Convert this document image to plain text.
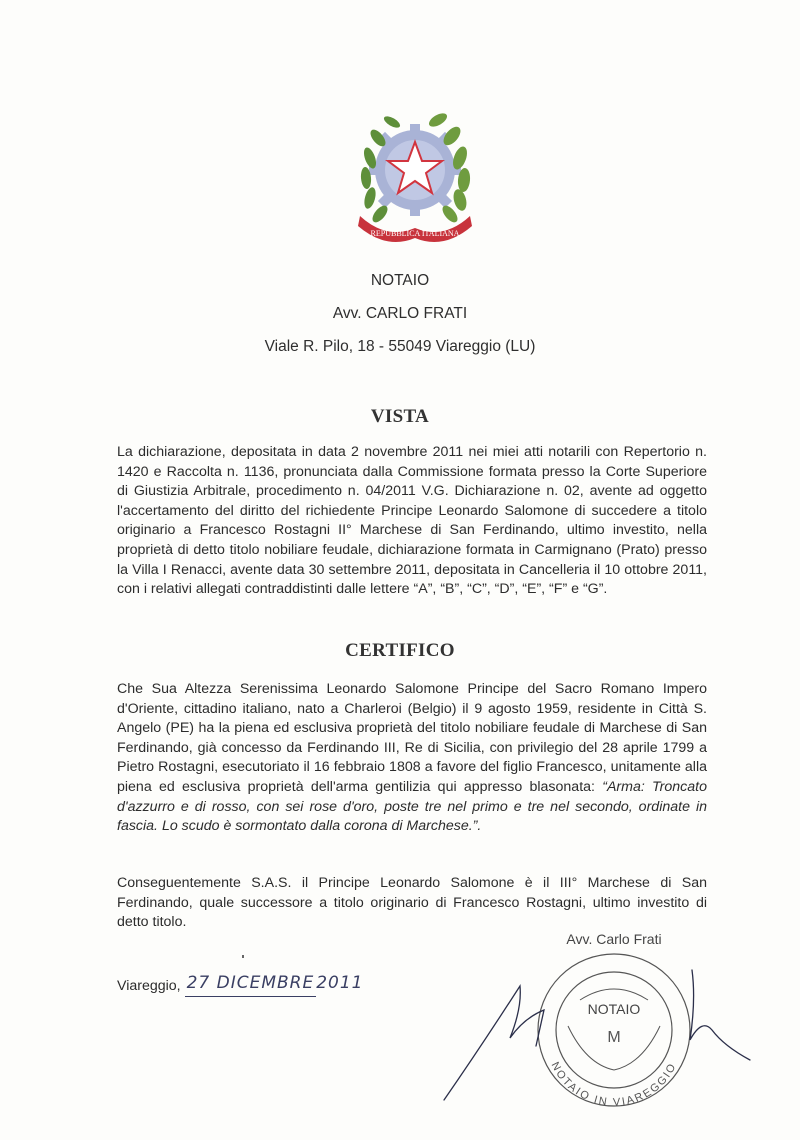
REPUBBLICA ITALIANA
NOTAIO
Avv. CARLO FRATI
Viale R. Pilo, 18 - 55049 Viareggio (LU)
VISTA
La dichiarazione, depositata in data 2 novembre 2011 nei miei atti notarili con Repertorio n. 1420 e Raccolta n. 1136, pronunciata dalla Commissione formata presso la Corte Superiore di Giustizia Arbitrale, procedimento n. 04/2011 V.G. Dichiarazione n. 02, avente ad oggetto l'accertamento del diritto del richiedente Principe Leonardo Salomone di succedere a titolo originario a Francesco Rostagni II° Marchese di San Ferdinando, ultimo investito, nella proprietà di detto titolo nobiliare feudale, dichiarazione formata in Carmignano (Prato) presso la Villa I Renacci, avente data 30 settembre 2011, depositata in Cancelleria il 10 ottobre 2011, con i relativi allegati contraddistinti dalle lettere “A”, “B”, “C”, “D”, “E”, “F” e “G”.
CERTIFICO
Che Sua Altezza Serenissima Leonardo Salomone Principe del Sacro Romano Impero d'Oriente, cittadino italiano, nato a Charleroi (Belgio) il 9 agosto 1959, residente in Città S. Angelo (PE) ha la piena ed esclusiva proprietà del titolo nobiliare feudale di Marchese di San Ferdinando, già concesso da Ferdinando III, Re di Sicilia, con privilegio del 28 aprile 1799 a Pietro Rostagni, esecutoriato il 16 febbraio 1808 a favore del figlio Francesco, unitamente alla piena ed esclusiva proprietà dell'arma gentilizia qui appresso blasonata: “Arma: Troncato d'azzurro e di rosso, con sei rose d'oro, poste tre nel primo e tre nel secondo, ordinate in fascia. Lo scudo è sormontato dalla corona di Marchese.”.
Conseguentemente S.A.S. il Principe Leonardo Salomone è il III° Marchese di San Ferdinando, quale successore a titolo originario di Francesco Rostagni, ultimo investito di detto titolo.
Viareggio, 27 DICEMBRE 2011
NOTAIO IN VIAREGGIO
Avv. Carlo Frati
NOTAIO
M
